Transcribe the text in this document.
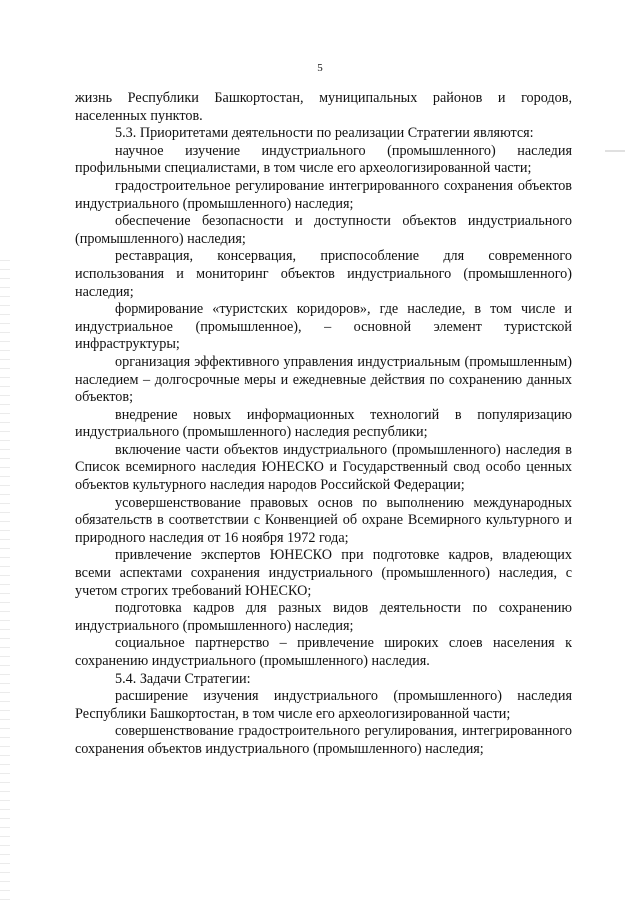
5

жизнь Республики Башкортостан, муниципальных районов и городов, населенных пунктов.

5.3. Приоритетами деятельности по реализации Стратегии являются:

научное изучение индустриального (промышленного) наследия профильными специалистами, в том числе его археологизированной части;

градостроительное регулирование интегрированного сохранения объектов индустриального (промышленного) наследия;

обеспечение безопасности и доступности объектов индустриального (промышленного) наследия;

реставрация, консервация, приспособление для современного использования и мониторинг объектов индустриального (промышленного) наследия;

формирование «туристских коридоров», где наследие, в том числе и индустриальное (промышленное), – основной элемент туристской инфраструктуры;

организация эффективного управления индустриальным (промышленным) наследием – долгосрочные меры и ежедневные действия по сохранению данных объектов;

внедрение новых информационных технологий в популяризацию индустриального (промышленного) наследия республики;

включение части объектов индустриального (промышленного) наследия в Список всемирного наследия ЮНЕСКО и Государственный свод особо ценных объектов культурного наследия народов Российской Федерации;

усовершенствование правовых основ по выполнению международных обязательств в соответствии с Конвенцией об охране Всемирного культурного и природного наследия от 16 ноября 1972 года;

привлечение экспертов ЮНЕСКО при подготовке кадров, владеющих всеми аспектами сохранения индустриального (промышленного) наследия, с учетом строгих требований ЮНЕСКО;

подготовка кадров для разных видов деятельности по сохранению индустриального (промышленного) наследия;

социальное партнерство – привлечение широких слоев населения к сохранению индустриального (промышленного) наследия.

5.4. Задачи Стратегии:

расширение изучения индустриального (промышленного) наследия Республики Башкортостан, в том числе его археологизированной части;

совершенствование градостроительного регулирования, интегрированного сохранения объектов индустриального (промышленного) наследия;
